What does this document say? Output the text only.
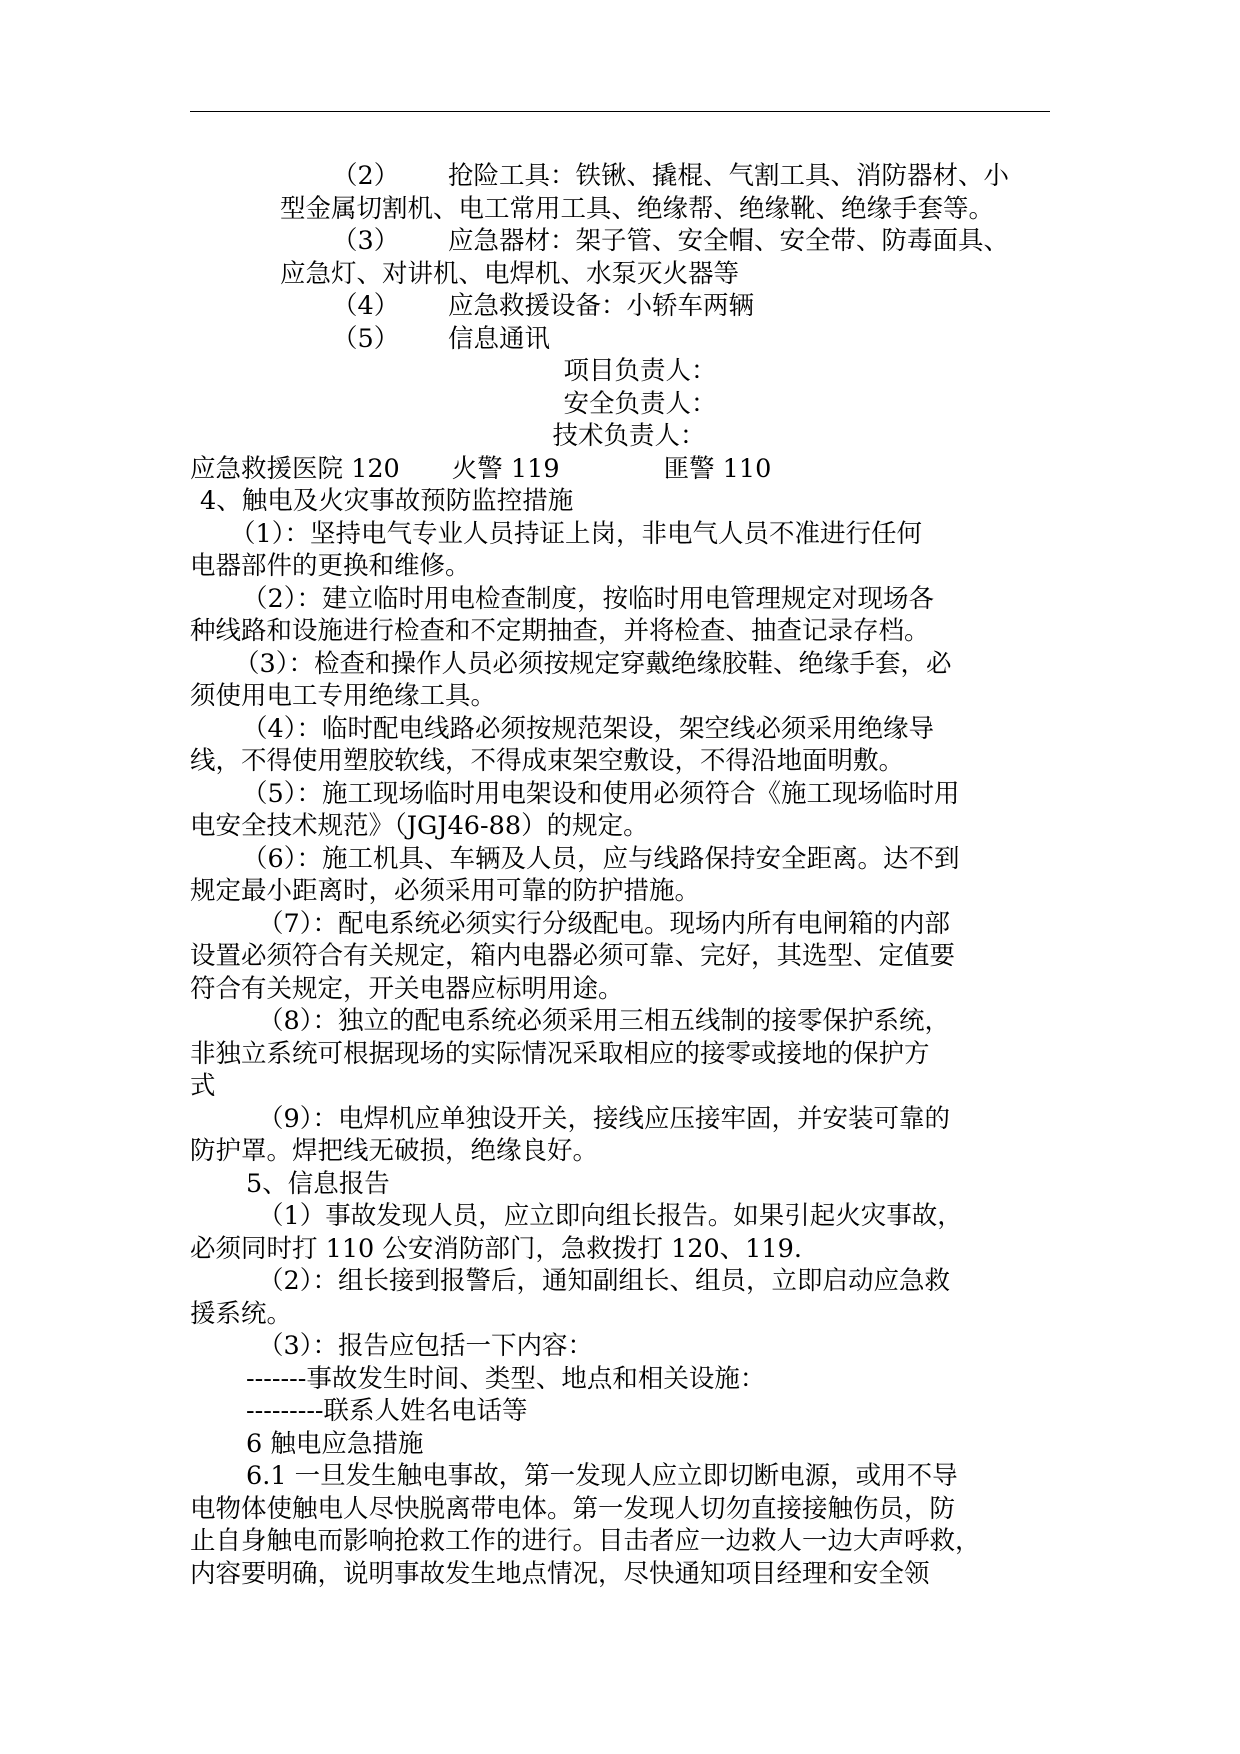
（2） 抢险工具：铁锹、撬棍、气割工具、消防器材、小
型金属切割机、电工常用工具、绝缘帮、绝缘靴、绝缘手套等。
（3） 应急器材：架子管、安全帽、安全带、防毒面具、
应急灯、对讲机、电焊机、水泵灭火器等
（4） 应急救援设备：小轿车两辆
（5） 信息通讯
项目负责人：
安全负责人：
技术负责人：
应急救援医院 120 火警 119	匪警 110
4、触电及火灾事故预防监控措施
（1）：坚持电气专业人员持证上岗，非电气人员不准进行任何
电器部件的更换和维修。
（2）：建立临时用电检查制度，按临时用电管理规定对现场各
种线路和设施进行检查和不定期抽查，并将检查、抽查记录存档。
（3）：检查和操作人员必须按规定穿戴绝缘胶鞋、绝缘手套，必
须使用电工专用绝缘工具。
（4）：临时配电线路必须按规范架设，架空线必须采用绝缘导
线，不得使用塑胶软线，不得成束架空敷设，不得沿地面明敷。
（5）：施工现场临时用电架设和使用必须符合《施工现场临时用
电安全技术规范》（JGJ46-88）的规定。
（6）：施工机具、车辆及人员，应与线路保持安全距离。达不到
规定最小距离时，必须采用可靠的防护措施。
（7）：配电系统必须实行分级配电。现场内所有电闸箱的内部
设置必须符合有关规定，箱内电器必须可靠、完好，其选型、定值要
符合有关规定，开关电器应标明用途。
（8）：独立的配电系统必须采用三相五线制的接零保护系统，
非独立系统可根据现场的实际情况采取相应的接零或接地的保护方
式
（9）：电焊机应单独设开关，接线应压接牢固，并安装可靠的
防护罩。焊把线无破损，绝缘良好。
5、信息报告
（1）事故发现人员，应立即向组长报告。如果引起火灾事故，
必须同时打 110 公安消防部门，急救拨打 120、119.
（2）：组长接到报警后，通知副组长、组员，立即启动应急救
援系统。
（3）：报告应包括一下内容：
-------事故发生时间、类型、地点和相关设施：
---------联系人姓名电话等
6 触电应急措施
6.1 一旦发生触电事故，第一发现人应立即切断电源，或用不导
电物体使触电人尽快脱离带电体。第一发现人切勿直接接触伤员，防
止自身触电而影响抢救工作的进行。目击者应一边救人一边大声呼救，
内容要明确，说明事故发生地点情况，尽快通知项目经理和安全领
